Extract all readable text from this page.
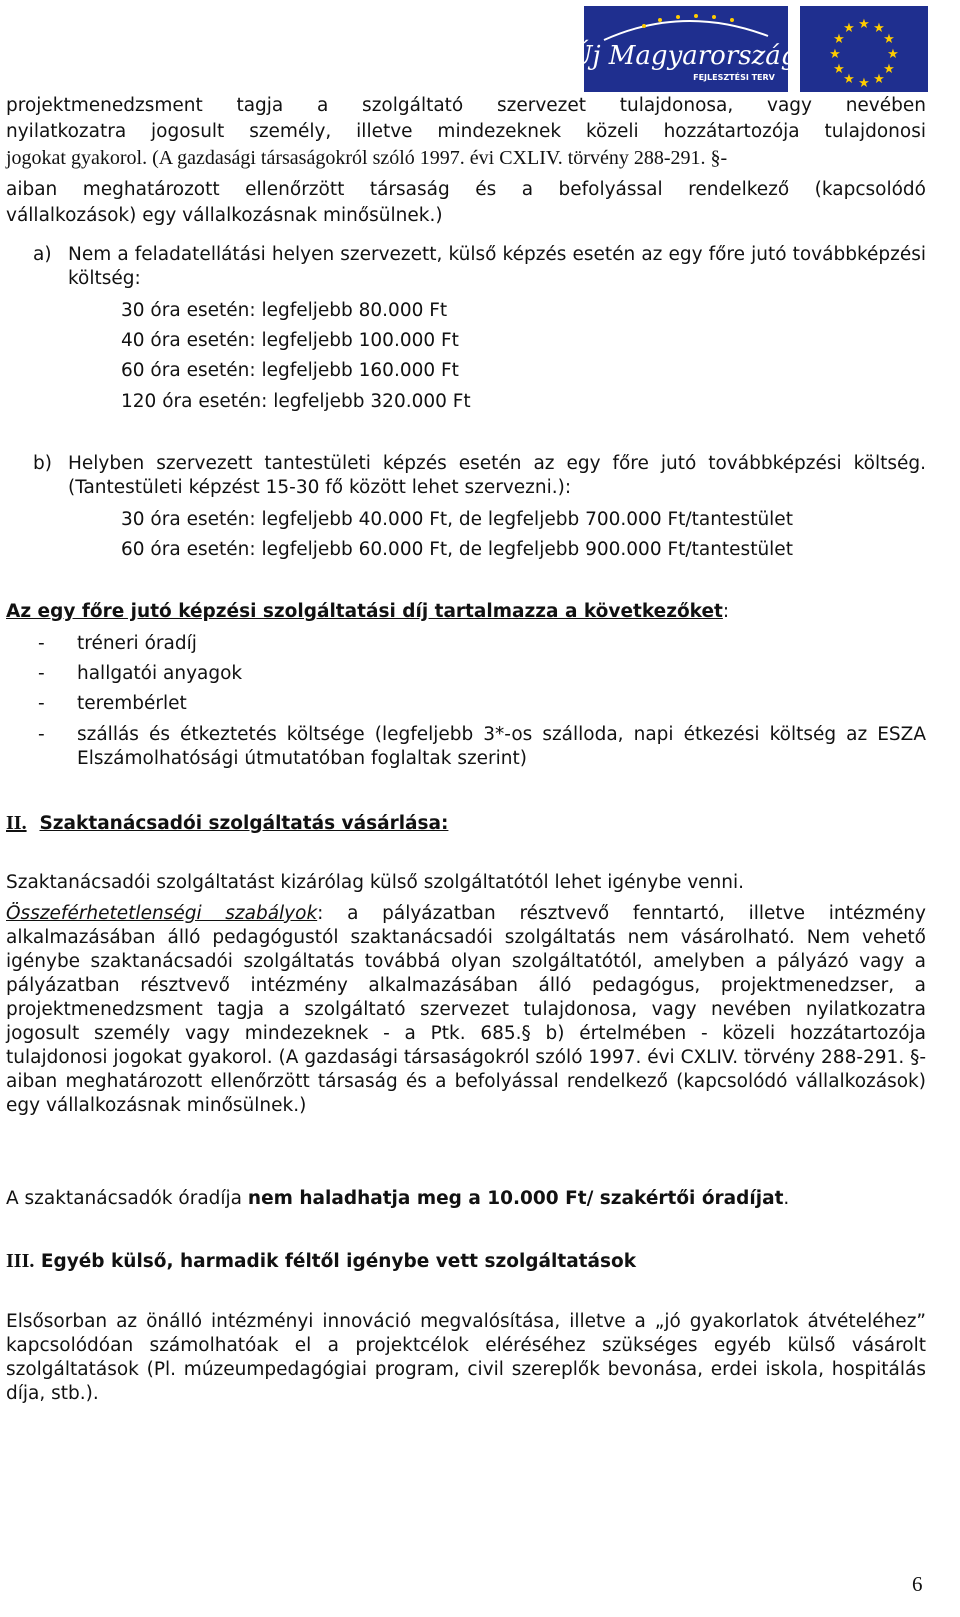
Új Magyarország
FEJLESZTÉSI TERV
★ ★
★
★
★
★
★
★
★
★
★
★

projektmenedzsment tagja a szolgáltató szervezet tulajdonosa, vagy nevében

nyilatkozatra jogosult személy, illetve mindezeknek közeli hozzátartozója tulajdonosi

jogokat gyakorol. (A gazdasági társaságokról szóló 1997. évi CXLIV. törvény 288-291. §-

aiban meghatározott ellenőrzött társaság és a befolyással rendelkező (kapcsolódó

vállalkozások) egy vállalkozásnak minősülnek.)

a) Nem a feladatellátási helyen szervezett, külső képzés esetén az egy főre jutó továbbképzési költség:

30 óra esetén: legfeljebb 80.000 Ft

40 óra esetén: legfeljebb 100.000 Ft

60 óra esetén: legfeljebb 160.000 Ft

120 óra esetén: legfeljebb 320.000 Ft

b) Helyben szervezett tantestületi képzés esetén az egy főre jutó továbbképzési költség. (Tantestületi képzést 15-30 fő között lehet szervezni.):

30 óra esetén: legfeljebb 40.000 Ft, de legfeljebb 700.000 Ft/tantestület

60 óra esetén: legfeljebb 60.000 Ft, de legfeljebb 900.000 Ft/tantestület

Az egy főre jutó képzési szolgáltatási díj tartalmazza a következőket:

- tréneri óradíj

- hallgatói anyagok

- terembérlet

- szállás és étkeztetés költsége (legfeljebb 3*-os szálloda, napi étkezési költség az ESZA Elszámolhatósági útmutatóban foglaltak szerint)

II. Szaktanácsadói szolgáltatás vásárlása:

Szaktanácsadói szolgáltatást kizárólag külső szolgáltatótól lehet igénybe venni.

Összeférhetetlenségi szabályok: a pályázatban résztvevő fenntartó, illetve intézmény alkalmazásában álló pedagógustól szaktanácsadói szolgáltatás nem vásárolható. Nem vehető igénybe szaktanácsadói szolgáltatás továbbá olyan szolgáltatótól, amelyben a pályázó vagy a pályázatban résztvevő intézmény alkalmazásában álló pedagógus, projektmenedzser, a projektmenedzsment tagja a szolgáltató szervezet tulajdonosa, vagy nevében nyilatkozatra jogosult személy vagy mindezeknek - a Ptk. 685.§ b) értelmében - közeli hozzátartozója tulajdonosi jogokat gyakorol. (A gazdasági társaságokról szóló 1997. évi CXLIV. törvény 288-291. §-aiban meghatározott ellenőrzött társaság és a befolyással rendelkező (kapcsolódó vállalkozások) egy vállalkozásnak minősülnek.)

A szaktanácsadók óradíja nem haladhatja meg a 10.000 Ft/ szakértői óradíjat.

III. Egyéb külső, harmadik féltől igénybe vett szolgáltatások

Elsősorban az önálló intézményi innováció megvalósítása, illetve a „jó gyakorlatok átvételéhez” kapcsolódóan számolhatóak el a projektcélok eléréséhez szükséges egyéb külső vásárolt szolgáltatások (Pl. múzeumpedagógiai program, civil szereplők bevonása, erdei iskola, hospitálás díja, stb.).

6
